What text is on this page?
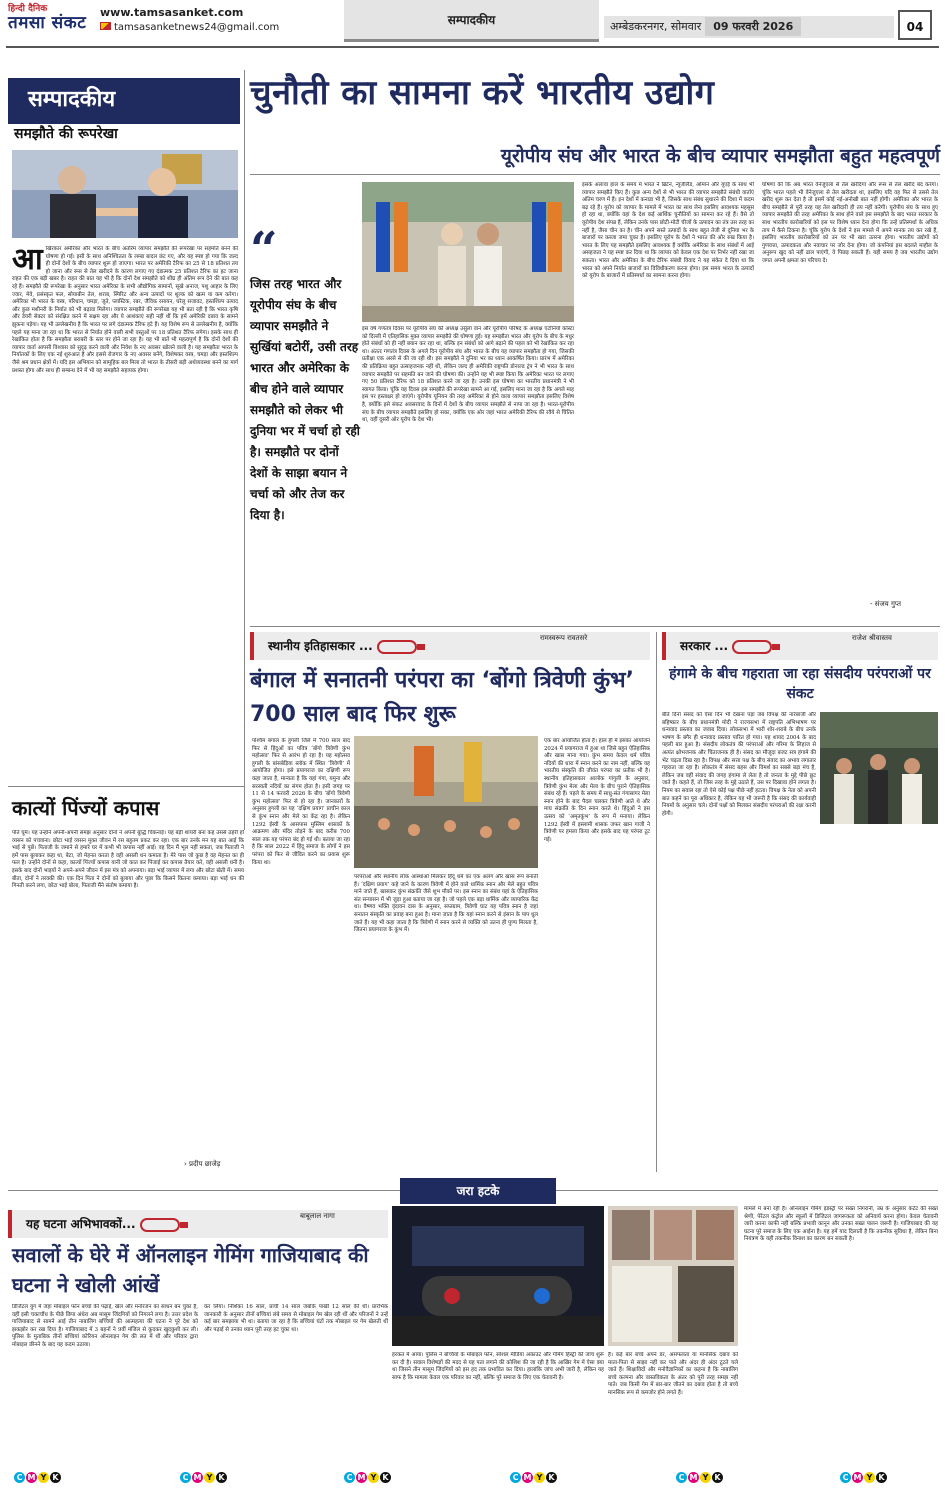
हिन्दी दैनिक
तमसा संकट
www.tamsasanket.com
tamsasanketnews24@gmail.com
सम्पादकीय	अम्बेडकरनगर, सोमवार 09 फरवरी 2026	04
सम्पादकीय
समझौते की रूपरेखा
आखिरकार अमेरिका और भारत के बीच अंतरिम व्यापार समझौते की रूपरेखा पर सहमति बनने की घोषणा हो गई। इसी के साथ अनिश्चितता के लम्बा बादल छंट गए, और यह स्पष्ट हो गया कि जल्द ही दोनों देशों के बीच व्यापार शुरू हो जाएगा। भारत पर अमेरिकी टैरिफ का 25 से 18 प्रतिशत तय हो जाना और रूस से तेल खरीदने के कारण लगाए गए दंडात्मक 25 प्रतिशत टैरिफ का हट जाना राहत की एक बड़ी खबर है। राहत की बात यह भी है कि दोनों देश समझौते को शीघ्र ही अंतिम रूप देने की बात कह रहे हैं। समझौते की रूपरेखा के अनुसार भारत अमेरिका के सभी औद्योगिक सामानों, सूखे अनाज, पशु आहार के लिए ज्वार, मेवे, प्रसंस्कृत फल, सोयाबीन तेल, शराब, स्पिरिट और अन्य उत्पादों पर शुल्क को खत्म या कम करेगा। अमेरिका भी भारत के वस्त्र, परिधान, चमड़ा, जूते, प्लास्टिक, रबर, जैविक रसायन, घरेलू सजावट, हस्तशिल्प उत्पाद और कुछ मशीनरी के निर्यात को भी बढ़ावा मिलेगा। व्यापार समझौते की रूपरेखा यह भी बता रही है कि भारत कृषि और डेयरी सेक्टर को संरक्षित करने में सक्षम रहा और ये आशंकाएं सही नहीं थीं कि हमें अमेरिकी दबाव के सामने झुकना पड़ेगा। यह भी उल्लेखनीय है कि भारत पर लगे दंडात्मक टैरिफ हटे हैं। यह विशेष रूप से उल्लेखनीय है, क्योंकि पहले यह माना जा रहा था कि भारत से निर्यात होने वाली सभी वस्तुओं पर 18 प्रतिशत टैरिफ लगेगा। इसके साथ ही रेखांकित होता है कि समझौता बराबरी के स्तर पर होने जा रहा है। यह भी बातें भी महत्वपूर्ण है कि दोनों देशों की व्यापार वार्ता आपसी विश्वास को सुदृढ़ करने वाली और निवेश के नए अवसर खोलने वाली है। यह समझौता भारत के निर्यातकों के लिए एक नई शुरुआत है और इससे रोजगार के नए अवसर बनेंगे, विशेषकर वस्त्र, चमड़ा और हस्तशिल्प जैसे श्रम प्रधान क्षेत्रों में। यदि इस अभियान को सामूहिक बल मिला तो भारत के तीसरी बड़ी अर्थव्यवस्था बनने का मार्ग प्रशस्त होगा और साथ ही सम्बन्ध देने में भी यह समझौते सहायक होगा।
चुनौती का सामना करें भारतीय उद्योग
यूरोपीय संघ और भारत के बीच व्यापार समझौता बहुत महत्वपूर्ण
“
जिस तरह भारत और यूरोपीय संघ के बीच व्यापार समझौते ने सुर्खियां बटोरीं, उसी तरह भारत और अमेरिका के बीच होने वाले व्यापार समझौते को लेकर भी दुनिया भर में चर्चा हो रही है। समझौते पर दोनों देशों के साझा बयान ने चर्चा को और तेज कर दिया है।
इस वर्ष गणतंत्र दिवस पर यूरोपीय संघ की अध्यक्ष उर्सुला वान और यूरोपीय परिषद के अध्यक्ष एंटोनियो कोस्टा को दिल्ली में एतिहासिक मुक्त व्यापार समझौते की घोषणा हुई। यह समझौता भारत और यूरोप के बीच के मधुर होते संबंधों को ही नहीं बयान कर रहा था, बल्कि इन संबंधों को आगे बढ़ाने की पहल को भी रेखांकित कर रहा था। अंततः गणतंत्र दिवस के अगले दिन यूरोपीय संघ और भारत के बीच यह व्यापार समझौता हो गया, जिसकी प्रतीक्षा एक अरसे से की जा रही थी। इस समझौते ने दुनिया भर का ध्यान आकर्षित किया। प्रारंभ में अमेरिका की प्रतिक्रिया बहुत उत्साहजनक नहीं थी, लेकिन जल्द ही अमेरिकी राष्ट्रपति डोनाल्ड ट्रंप ने भी भारत के साथ व्यापार समझौते पर सहमति बन जाने की घोषणा की। उन्होंने यह भी स्पष्ट किया कि अमेरिका भारत पर लगाए गए 50 प्रतिशत टैरिफ को 18 प्रतिशत करने जा रहा है। उनकी इस घोषणा का भारतीय प्रधानमंत्री ने भी स्वागत किया। चूंकि यह दिवस इस समझौते की रूपरेखा सामने आ गई, इसलिए माना जा रहा है कि अगले माह इस पर हस्ताक्षर हो जाएंगे। यूरोपीय यूनियन की तरह अमेरिका से होने वाला व्यापार समझौता इसलिए विशेष है, क्योंकि इसे संकट अवसरवाद के दिनों में देशों के बीच व्यापार समझौते से नापा जा रहा है। भारत-यूरोपीय संघ के बीच व्यापार समझौते इसलिए हो सका, क्योंकि एक ओर जहां भारत अमेरिकी टैरिफ की रवैये से चिंतित था, वहीं दूसरी ओर यूरोप के देश भी।
इसके अलावा हाल के समय में भारत ने ब्रिटेन, न्यूजीलैंड, ओमान और यूएई के साथ भी व्यापार समझौते किए हैं। कुछ अन्य देशों से भी भारत की व्यापार समझौते संबंधी वार्ताएं अंतिम चरण में हैं। इन देशों में कनाडा भी है, जिसके साथ संबंध सुधारने की दिशा में कदम बढ़ रहे हैं। यूरोप को व्यापार के मामले में भारत का साथ लेना इसलिए आवश्यक महसूस हो रहा था, क्योंकि वहां के देश कई आर्थिक चुनौतियों का सामना कर रहे हैं। वैसे तो यूरोपीय देश संपन्न हैं, लेकिन उनके पास छोटी-मोटी चीजों के उत्पादन का तंत्र उस तरह का नहीं है, जैसा चीन का है। चीन अपने सस्ते उत्पादों के साथ बहुत तेजी से दुनिया भर के बाजारों पर कब्जा जमा चुका है। इसलिए यूरोप के देशों ने भारत की ओर रुख किया है। भारत के लिए यह समझौते इसलिए आवश्यक हैं क्योंकि अमेरिका के साथ संबंधों में आई असहजता ने यह स्पष्ट कर दिया था कि व्यापार को केवल एक देश पर निर्भर नहीं रखा जा सकता। भारत और अमेरिका के बीच टैरिफ संबंधी विवाद ने यह संकेत दे दिया था कि भारत को अपने निर्यात बाजारों का विविधीकरण करना होगा। इस समय भारत के उत्पादों को यूरोप के बाजारों में प्रतिस्पर्धा का सामना करना होगा।
घोषणा की कि अब भारत वेनेजुएला से तेल खरीदेगा और रूस से तेल खरीद बंद करेगा। चूंकि भारत पहले भी वेनेजुएला से तेल खरीदता था, इसलिए यदि वह फिर से उससे तेल खरीद शुरू कर देता है तो इसमें कोई नई-अनोखी बात नहीं होगी। अमेरिका और भारत के बीच समझौते से पूरी तरह यह तेल खरीदारी ही तय नहीं करेगी। यूरोपीय संघ के साथ हुए व्यापार समझौते की तरह अमेरिका के साथ होने वाले इस समझौते के बाद भारत सरकार के साथ भारतीय कारोबारियों को इस पर विशेष ध्यान देना होगा कि उन्हें प्रतिस्पर्धा के अधिक ताप में कैसे टिकना है। चूंकि यूरोप के देशों ने इस मामले में अपने मानक तय कर रखे हैं, इसलिए भारतीय कारोबारियों को उन पर भी खरा उतरना होगा। भारतीय उद्योगों को गुणवत्ता, उत्पादकता और नवाचार पर जोर देना होगा। जो कंपनियां इस बदलते माहौल के अनुरूप खुद को नहीं ढाल पाएंगी, वे पिछड़ सकती हैं। यही समय है जब भारतीय उद्योग जगत अपनी क्षमता का परिचय दे।
- संजय गुप्त
स्थानीय इतिहासकार ...
रामस्वरूप रावतसरे
बंगाल में सनातनी परंपरा का ‘बोंगो त्रिवेणी कुंभ’ 700 साल बाद फिर शुरू
पश्चिम बंगाल के हुगली जिले में 700 साल बाद फिर से हिंदुओं का पवित्र ‘बोंगो त्रिवेणी कुंभ महोत्सव’ फिर से आरंभ हो रहा है। यह महोत्सव हुगली के बांसबेड़िया ब्लॉक में स्थित ‘त्रिवेणी’ में आयोजित होगा। इसे प्रयागराज का दक्षिणी रूप कहा जाता है, मान्यता है कि यहां गंगा, यमुना और सरस्वती नदियों का संगम होता है। इसी जगह पर 11 से 14 फरवरी 2026 के बीच ‘बोंगो त्रिवेणी कुंभ महोत्सव’ फिर से हो रहा है। जानकारों के अनुसार हुगली का यह ‘दक्षिण प्रयाग’ प्राचीन काल से कुंभ स्नान और मेले का केंद्र रहा है। लेकिन 1292 ईस्वी के आसपास मुस्लिम शासकों के आक्रमण और मंदिर तोड़ने के बाद करीब 700 साल तक यह परंपरा बंद हो गई थी। बताया जा रहा है कि साल 2022 में हिंदू समाज के लोगों ने इस परंपरा को फिर से जीवित करने का प्रयास शुरू किया था।
परंपराओं और स्थानीय लोक आस्थाओं मिलकर हिंदू धर्म का एक अलग और खास रूप बनाती हैं। ‘दक्षिण प्रयाग’ कहे जाने के कारण त्रिवेणी में होने वाले धार्मिक स्नान और मेले बहुत पवित्र माने जाते हैं, खासकर कुंभ संक्रांति जैसे शुभ मौकों पर। इस स्नान का संबंध यहां के ऐतिहासिक संत सन्यासन में भी जुड़ा हुआ बताया जा रहा है। जो पहले एक बड़ा धार्मिक और व्यापारिक केंद्र था। वैष्णव भक्ति वृंदावन दास के अनुसार, सप्तग्राम, त्रिवेणी घाट यह पवित्र स्नान है जहां सनातन संस्कृति का प्रवाह बना हुआ है। माना जाता है कि यहां स्नान करने से इंसान के पाप धुल जाते हैं। यह भी कहा जाता है कि त्रिवेणी में स्नान करने से व्यक्ति को उतना ही पुण्य मिलता है, जितना प्रयागराज के कुंभ में।
एक बार आयोजित होता है। हाल ही में इसका आयोजन 2024 में प्रयागराज में हुआ था जिसे बहुत ऐतिहासिक और खास माना गया। कुंभ समय केवल धर्म पवित्र नदियों की धारा में स्नान करने का नाम नहीं, बल्कि यह भारतीय संस्कृति की जीवंत परंपरा का प्रतीक भी है। स्थानीय इतिहासकार आलोक गांगुली के अनुसार, त्रिवेणी कुंभ मेला और मेला के बीच पुराने ऐतिहासिक संबंध रहे हैं। पहले के समय में साधु-संत गंगासागर मेला स्नान होने के बाद पैदल चलकर त्रिवेणी आते थे और माघ संक्रांति के दिन स्नान करते थे। हिंदुओं ने इस उत्सव को ‘अमृतकुंभ’ के रूप में मनाया। लेकिन 1292 ईस्वी में इस्लामी शासक जफर खान गाजी ने त्रिवेणी पर हमला किया और इसके बाद यह परंपरा टूट गई।
सरकार ...
राजेश श्रीवास्तव
हंगामे के बीच गहराता जा रहा संसदीय परंपराओं पर संकट
बीते दिनों संसद को ऐसा दिन भी देखना पड़ा जब विपक्ष की नारेबाजी और बहिष्कार के बीच प्रधानमंत्री मोदी ने राज्यसभा में राष्ट्रपति अभिभाषण पर धन्यवाद प्रस्ताव का जवाब दिया। लोकसभा में भारी शोर-शराबे के बीच उनके भाषण के बगैर ही धन्यवाद प्रस्ताव पारित हो गया। यह शायद 2004 के बाद पहली बार हुआ है। संसदीय लोकतंत्र की परंपराओं और गरिमा के लिहाज से अत्यंत क्षोभजनक और चिंताजनक ही है। संसद का मौजूदा बजट सत्र हंगामे की भेंट चढ़ता दिख रहा है। विपक्ष और सत्ता पक्ष के बीच संवाद का अभाव लगातार गहराता जा रहा है। लोकतंत्र में संसद बहस और विमर्श का सबसे बड़ा मंच है, लेकिन जब वहीं संवाद की जगह हंगामा ले लेता है तो जनता के मुद्दे पीछे छूट जाते हैं। कहते हैं, तो जिस तरह के मुद्दे उठाते हैं, उस पर दिखावा होने लगता है। नियम का सवाल रहा तो ऐसे कोई पक्ष पीछे नहीं हटता। विपक्ष के नेता को अपनी बात कहने का पूरा अधिकार है, लेकिन यह भी जरूरी है कि संसद की कार्यवाही नियमों के अनुसार चले। दोनों पक्षों को मिलकर संसदीय परंपराओं की रक्षा करनी होगी।
कात्यों पिंज्यों कपास
पति घूमे। यह उन्होंने अपनी-अपनी समझ अनुसार दोनों ने अपनी बुद्धि चिकनाई। यह बड़ी शायरी बना कह उससे ठहरी हो व्यसन को पचवाना। छोटा भाई व्यसन मुक्त जीवन में रस बहुतम प्रकट कर रहा। एक बार उनके मन यह बात आई कि भाई से पूछें। पिताजी के जमाने से हमारे घर में कभी भी कपास नहीं आई। वह दिन मैं भूल नहीं सकता, जब पिताजी ने हमें पास बुलाकर कहा था, बेटा, जो मेहनत करता है वही असली धन कमाता है। मेरे पास जो कुछ है वह मेहनत का ही फल है। उन्होंने दोनों से कहा, कात्यों पिंज्यों कपास यानी जो कात कर पिंजाई कर कपास तैयार करे, वही असली धनी है। इसके बाद दोनों भाइयों ने अपने-अपने जीवन में इस मंत्र को अपनाया। बड़ा भाई व्यापार में लगा और छोटा खेती में। समय बीता, दोनों ने तरक्की की। एक दिन पिता ने दोनों को बुलाया और पूछा कि किसने कितना कमाया। बड़ा भाई धन की गिनती करने लगा, छोटा भाई बोला, पिताजी मैंने संतोष कमाया है।
› प्रदीप छाजेड़
जरा हटके
यह घटना अभिभावकों...
बाबूलाल नागा
सवालों के घेरे में ऑनलाइन गेमिंग गाजियाबाद की घटना ने खोली आंखें
डिजिटल युग में जहां मोबाइल फोन बच्चों की पढ़ाई, खेल और मनोरंजन का साधन बन चुका है, वहीं इसी चकाचौंध के पीछे छिपा अंधेरा अब मासूम जिंदगियों को निगलने लगा है। उत्तर प्रदेश के गाजियाबाद से सामने आई तीन नाबालिग बच्चियों की आत्महत्या की घटना ने पूरे देश को झकझोर कर रख दिया है। गाजियाबाद में 3 बहनों ने 9वीं मंजिल से कूदकर खुदकुशी कर ली। पुलिस के मुताबिक तीनों बच्चियां कोरियन ऑनलाइन गेम की लत में थीं और परिवार द्वारा मोबाइल छीनने के बाद यह कदम उठाया।
कर लिया। निशिका 16 साल, प्राची 14 साल जबकि पाखी 12 साल की थी। प्रारंभिक जानकारी के अनुसार तीनों बच्चियां लंबे समय से मोबाइल गेम खेल रही थीं और परिजनों ने उन्हें कई बार समझाया भी था। बताया जा रहा है कि बच्चियां घंटों तक मोबाइल पर गेम खेलती थीं और पढ़ाई से उनका ध्यान पूरी तरह हट चुका था।
हरकत में आया। पुलिस ने बच्चियों के मोबाइल फोन, सोशल मीडिया अकाउंट और गेमिंग हिस्ट्री की जांच शुरू कर दी है। सवाल विशेषज्ञों की मदद से यह पता लगाने की कोशिश की जा रही है कि आखिर गेम में ऐसा क्या था जिसने तीन मासूम जिंदगियों को इस हद तक प्रभावित कर दिया। हालांकि जांच अभी जारी है, लेकिन यह साफ है कि मामला केवल एक परिवार का नहीं, बल्कि पूरे समाज के लिए एक चेतावनी है।
है। कई बार बच्चे अपने डर, असफलता या मानसिक दबाव को माता-पिता से साझा नहीं कर पाते और अंदर ही अंदर टूटते चले जाते हैं। शिक्षाविदों और मनोवैज्ञानिकों का कहना है कि नाबालिग बच्चे कल्पना और वास्तविकता के अंतर को पूरी तरह समझ नहीं पाते। जब किसी गेम में बार-बार जीतने का दबाव होता है तो बच्चे मानसिक रूप से कमजोर होने लगते हैं।
मामले में बना रही है। ऑनलाइन गेमिंग इंडस्ट्री पर सख्त निगरानी, उम्र के अनुसार कंटेंट की सख्त श्रेणी, पेरेंटल कंट्रोल और स्कूलों में डिजिटल जागरूकता को अनिवार्य करना होगा। केवल चेतावनी जारी करना काफी नहीं बल्कि प्रभावी कानून और उनका सख्त पालन जरूरी है। गाजियाबाद की यह घटना पूरे समाज के लिए एक आईना है। यह हमें याद दिलाती है कि तकनीक सुविधा है, लेकिन बिना नियंत्रण के यही तकनीक विनाश का कारण बन सकती है।
C M Y K	C M Y K	C M Y K	C M Y K	C M Y K	C M Y K
